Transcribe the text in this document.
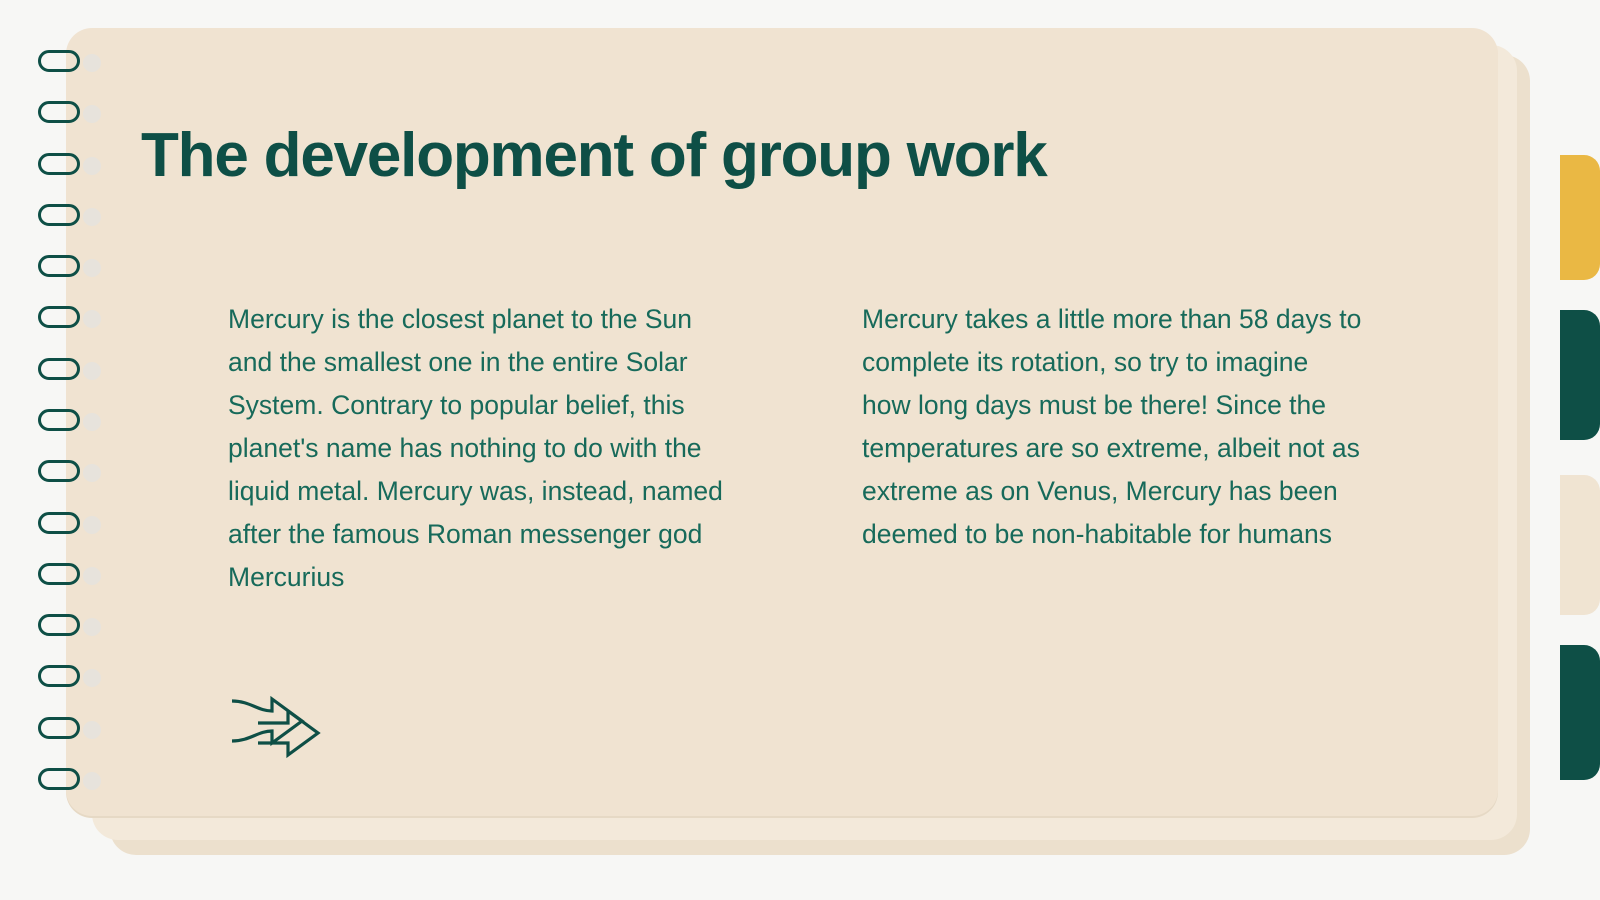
The development of group work

Mercury is the closest planet to the Sun and the smallest one in the entire Solar System. Contrary to popular belief, this planet's name has nothing to do with the liquid metal. Mercury was, instead, named after the famous Roman messenger god Mercurius

Mercury takes a little more than 58 days to complete its rotation, so try to imagine how long days must be there! Since the temperatures are so extreme, albeit not as extreme as on Venus, Mercury has been deemed to be non-habitable for humans
